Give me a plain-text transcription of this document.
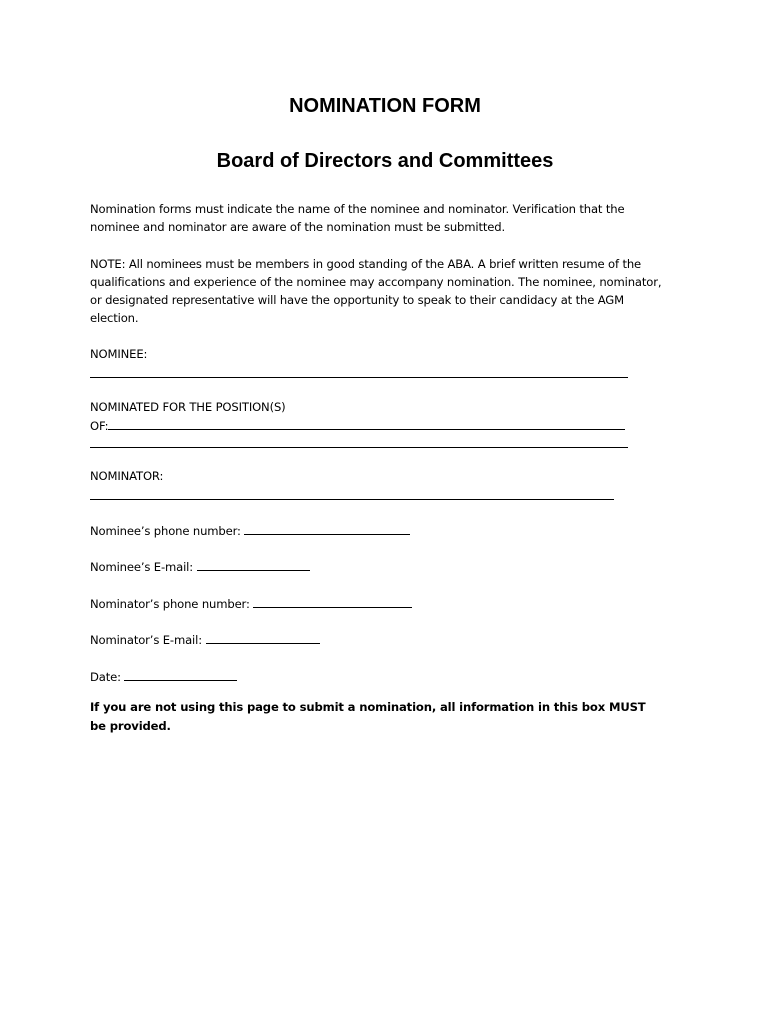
NOMINATION FORM
Board of Directors and Committees

Nomination forms must indicate the name of the nominee and nominator. Verification that the nominee and nominator are aware of the nomination must be submitted.

NOTE: All nominees must be members in good standing of the ABA. A brief written resume of the qualifications and experience of the nominee may accompany nomination. The nominee, nominator, or designated representative will have the opportunity to speak to their candidacy at the AGM election.

NOMINEE:
NOMINATED FOR THE POSITION(S)
OF:
NOMINATOR:
Nominee’s phone number:
Nominee’s E-mail:
Nominator’s phone number:
Nominator’s E-mail:
Date:

If you are not using this page to submit a nomination, all information in this box MUST be provided.
